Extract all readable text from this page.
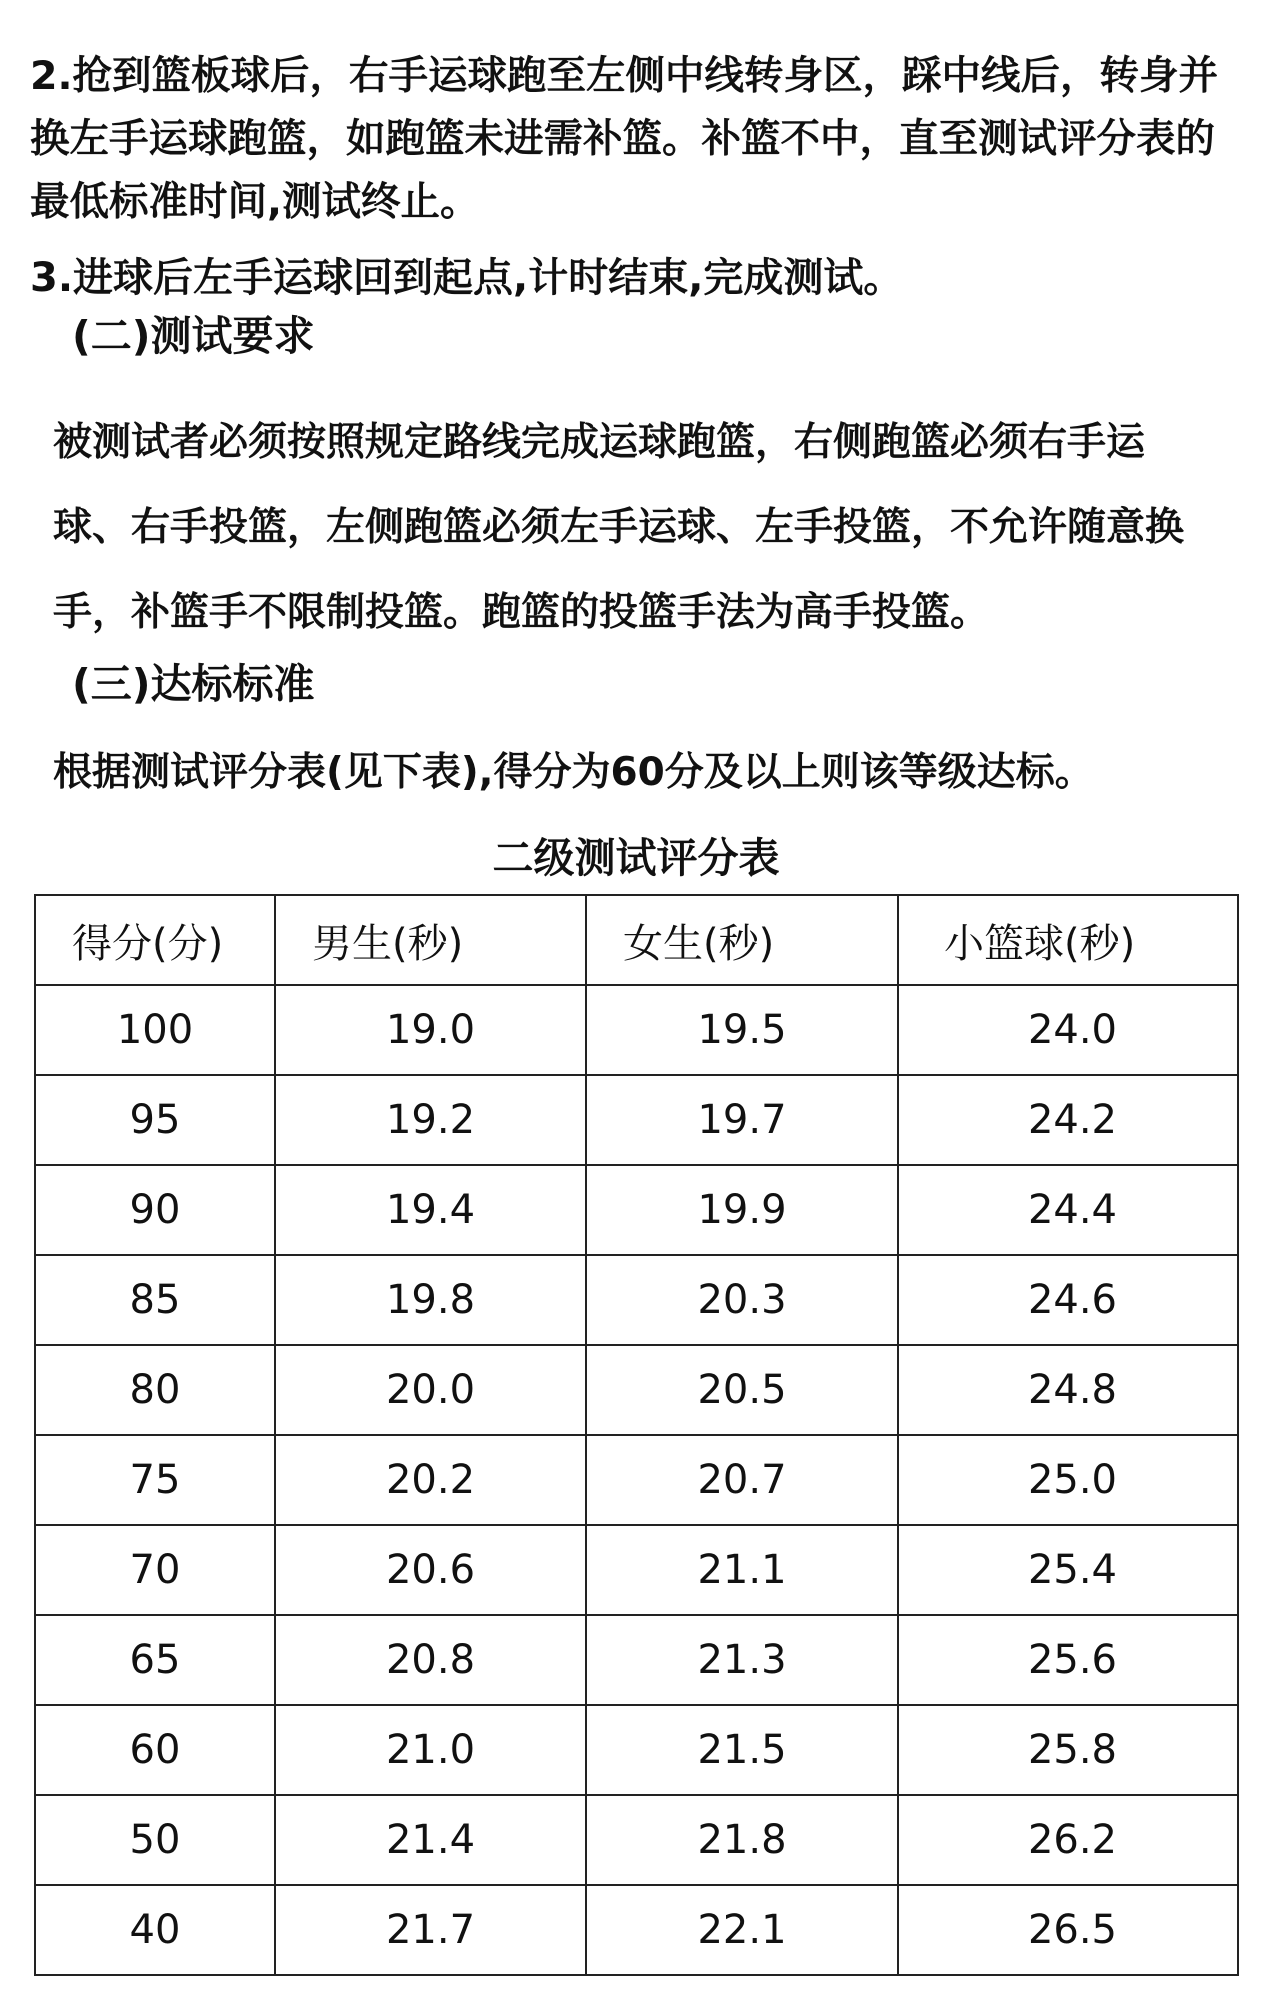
2.抢到篮板球后，右手运球跑至左侧中线转身区，踩中线后，转身并换左手运球跑篮，如跑篮未进需补篮。补篮不中，直至测试评分表的最低标准时间,测试终止。

3.进球后左手运球回到起点,计时结束,完成测试。

(二)测试要求

被测试者必须按照规定路线完成运球跑篮，右侧跑篮必须右手运球、右手投篮，左侧跑篮必须左手运球、左手投篮，不允许随意换手，补篮手不限制投篮。跑篮的投篮手法为高手投篮。

(三)达标标准

根据测试评分表(见下表),得分为60分及以上则该等级达标。

二级测试评分表
得分(分)	男生(秒)	女生(秒)	小篮球(秒)
100	19.0	19.5	24.0
95	19.2	19.7	24.2
90	19.4	19.9	24.4
85	19.8	20.3	24.6
80	20.0	20.5	24.8
75	20.2	20.7	25.0
70	20.6	21.1	25.4
65	20.8	21.3	25.6
60	21.0	21.5	25.8
50	21.4	21.8	26.2
40	21.7	22.1	26.5
